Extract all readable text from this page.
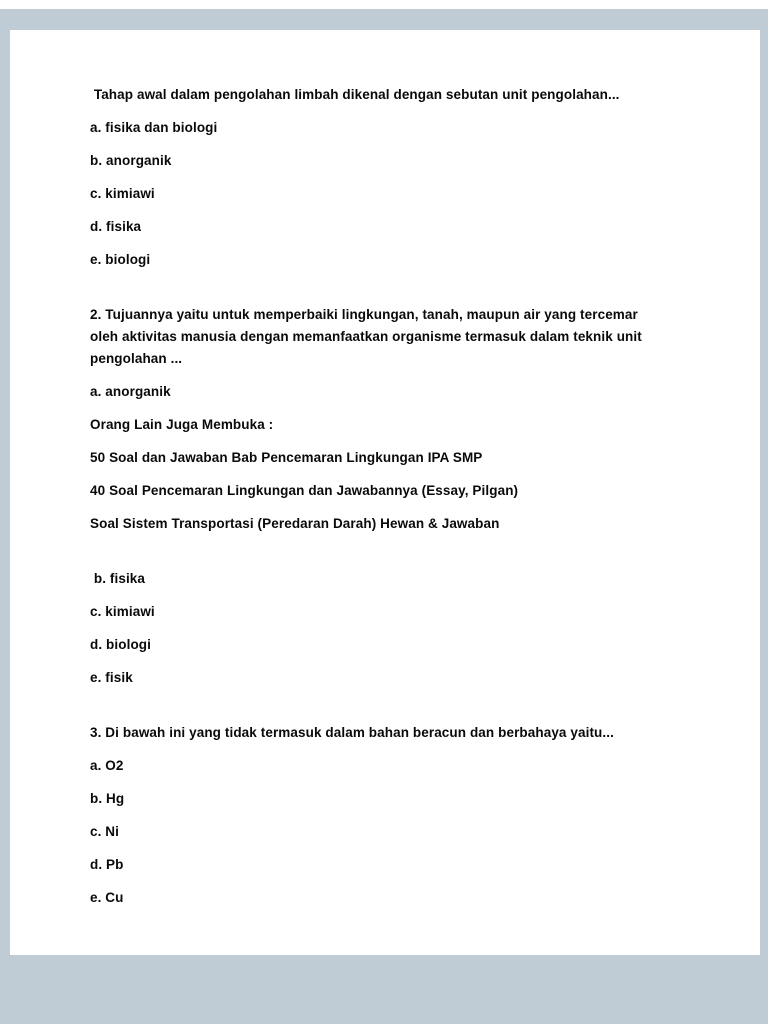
Tahap awal dalam pengolahan limbah dikenal dengan sebutan unit pengolahan...

a. fisika dan biologi

b. anorganik

c. kimiawi

d. fisika

e. biologi

2. Tujuannya yaitu untuk memperbaiki lingkungan, tanah, maupun air yang tercemar oleh aktivitas manusia dengan memanfaatkan organisme termasuk dalam teknik unit pengolahan ...

a. anorganik

Orang Lain Juga Membuka :

50 Soal dan Jawaban Bab Pencemaran Lingkungan IPA SMP

40 Soal Pencemaran Lingkungan dan Jawabannya (Essay, Pilgan)

Soal Sistem Transportasi (Peredaran Darah) Hewan & Jawaban

b. fisika

c. kimiawi

d. biologi

e. fisik

3. Di bawah ini yang tidak termasuk dalam bahan beracun dan berbahaya yaitu...

a. O2

b. Hg

c. Ni

d. Pb

e. Cu
